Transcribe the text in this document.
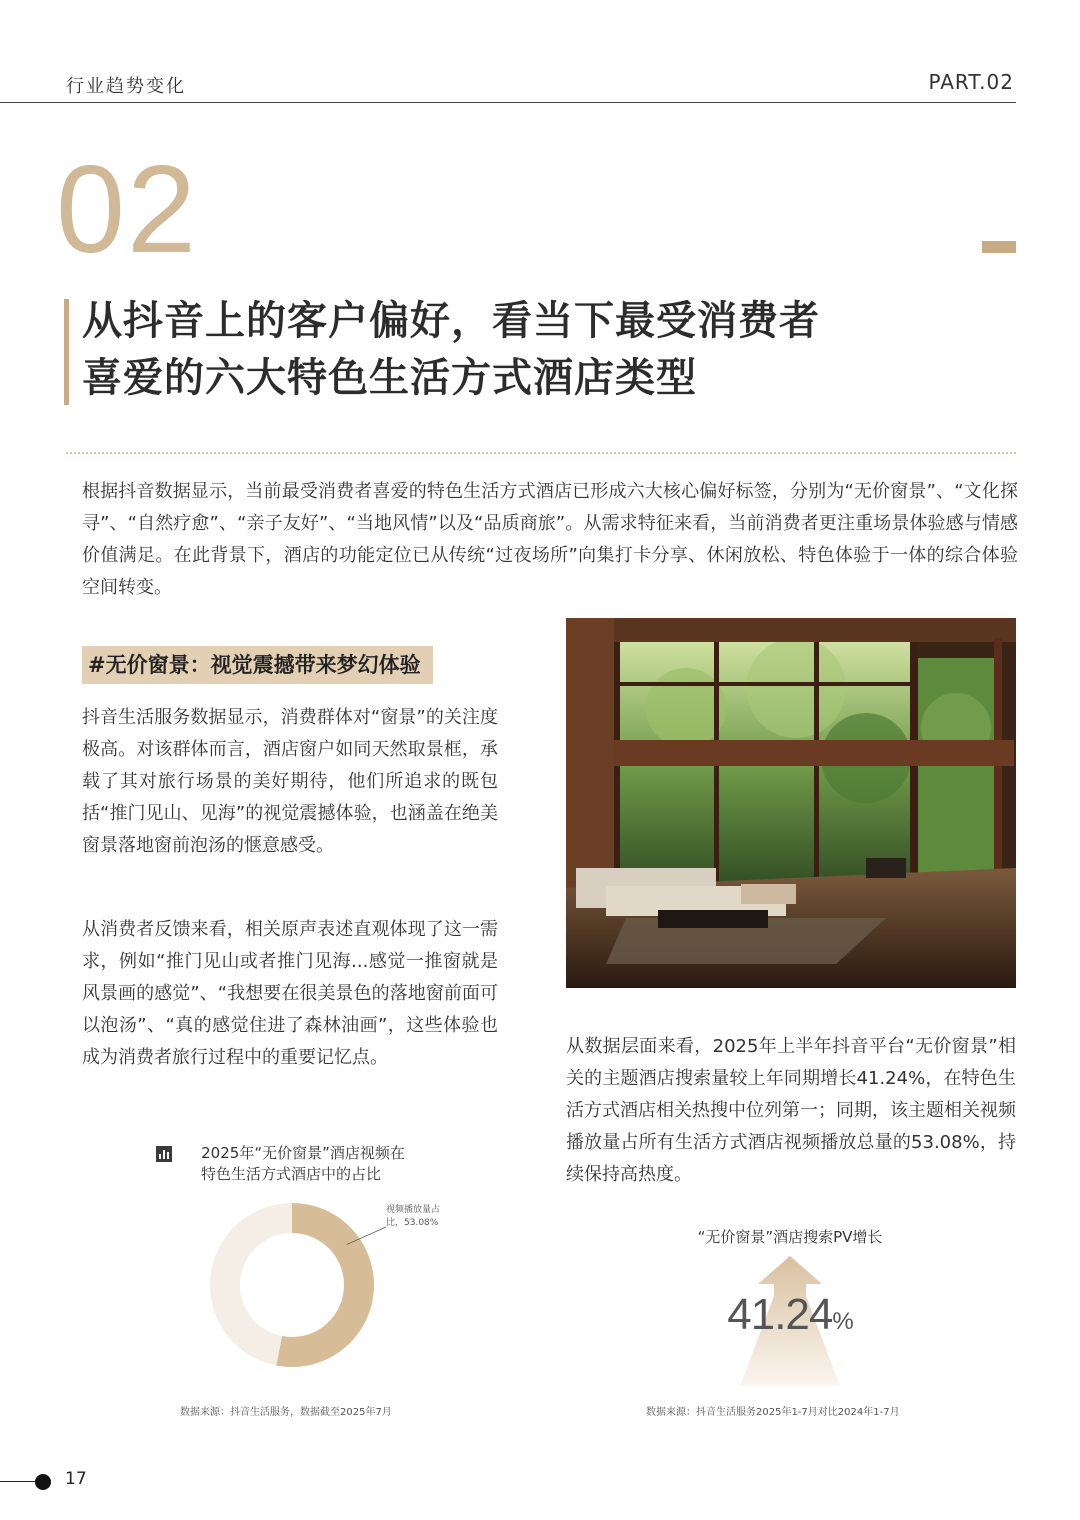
行业趋势变化	PART.02
02
从抖音上的客户偏好，看当下最受消费者
喜爱的六大特色生活方式酒店类型
根据抖音数据显示，当前最受消费者喜爱的特色生活方式酒店已形成六大核心偏好标签，分别为“无价窗景”、“文化探寻”、“自然疗愈”、“亲子友好”、“当地风情”以及“品质商旅”。从需求特征来看，当前消费者更注重场景体验感与情感价值满足。在此背景下，酒店的功能定位已从传统“过夜场所”向集打卡分享、休闲放松、特色体验于一体的综合体验空间转变。
#无价窗景：视觉震撼带来梦幻体验
抖音生活服务数据显示，消费群体对“窗景”的关注度极高。对该群体而言，酒店窗户如同天然取景框，承载了其对旅行场景的美好期待，他们所追求的既包括“推门见山、见海”的视觉震撼体验，也涵盖在绝美窗景落地窗前泡汤的惬意感受。
从消费者反馈来看，相关原声表述直观体现了这一需求，例如“推门见山或者推门见海...感觉一推窗就是风景画的感觉”、“我想要在很美景色的落地窗前面可以泡汤”、“真的感觉住进了森林油画”，这些体验也成为消费者旅行过程中的重要记忆点。
从数据层面来看，2025年上半年抖音平台“无价窗景”相关的主题酒店搜索量较上年同期增长41.24%，在特色生活方式酒店相关热搜中位列第一；同期，该主题相关视频播放量占所有生活方式酒店视频播放总量的53.08%，持续保持高热度。
2025年“无价窗景”酒店视频在
特色生活方式酒店中的占比
视频播放量占
比，53.08%
数据来源：抖音生活服务，数据截至2025年7月
“无价窗景”酒店搜索PV增长
41.24%
数据来源：抖音生活服务2025年1-7月对比2024年1-7月
17
